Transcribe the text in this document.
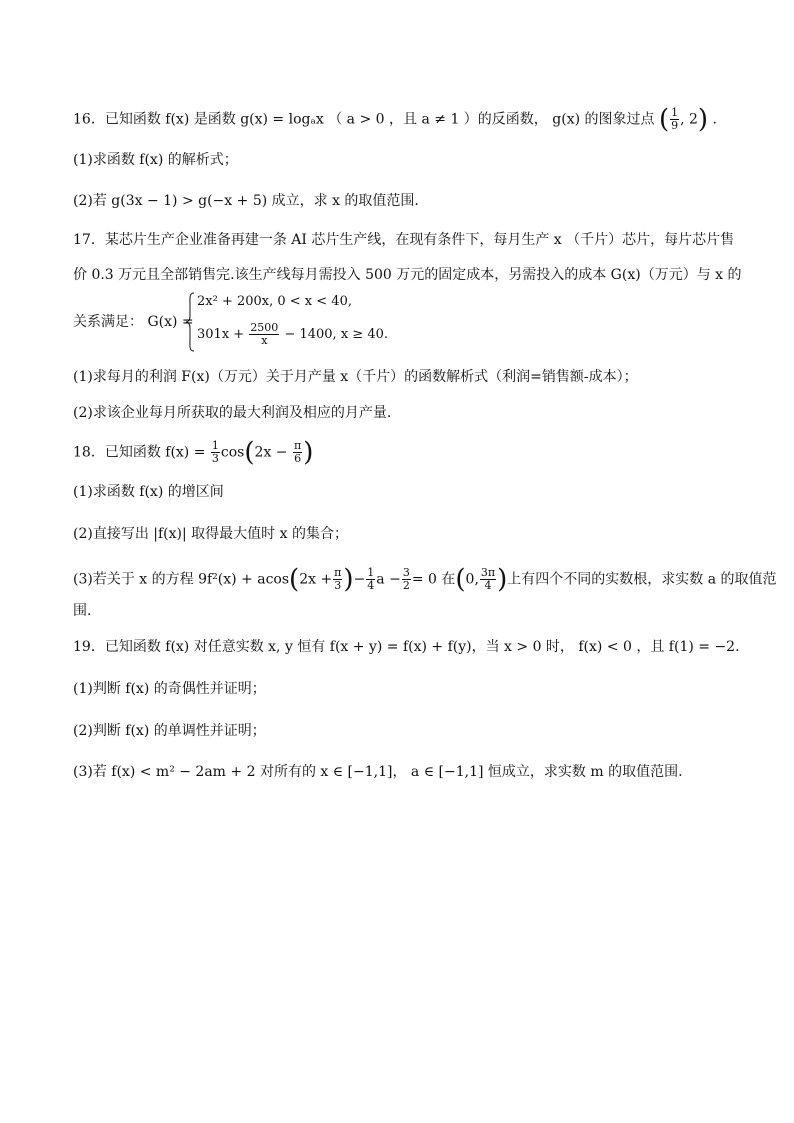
16．已知函数 f(x) 是函数 g(x) = logₐx （ a > 0 ，且 a ≠ 1 ）的反函数， g(x) 的图象过点 ( $\frac{1}{9}$ , 2) .
(1)求函数 f(x) 的解析式；
(2)若 g(3x − 1) > g(−x + 5) 成立，求 x 的取值范围.
17．某芯片生产企业准备再建一条 AI 芯片生产线，在现有条件下，每月生产 x （千片）芯片，每片芯片售
价 0.3 万元且全部销售完.该生产线每月需投入 500 万元的固定成本，另需投入的成本 G(x)（万元）与 x 的
关系满足： G(x) =
2x² + 200x, 0 < x < 40,
$301x + \frac{2500}{x} - 1400$, x ≥ 40.
(1)求每月的利润 F(x)（万元）关于月产量 x（千片）的函数解析式（利润=销售额-成本）；
(2)求该企业每月所获取的最大利润及相应的月产量.
18．已知函数 $f(x) = \frac{1}{3} \cos(2x - \frac{\pi}{6}$ )
(1)求函数 f(x) 的增区间
(2)直接写出 |f(x)| 取得最大值时 x 的集合；
(3)若关于 x 的方程 $9f^2(x) + acos(2x + \frac{\pi}{3}$ )− $\frac{1}{4}$ $a - \frac{3}{2} = 0$ 在(0, $\frac{3\pi}{4}$ )上有四个不同的实数根，求实数 a 的取值范
围.
19．已知函数 f(x) 对任意实数 x, y 恒有 f(x + y) = f(x) + f(y)，当 x > 0 时， f(x) < 0 ，且 f(1) = −2.
(1)判断 f(x) 的奇偶性并证明；
(2)判断 f(x) 的单调性并证明；
(3)若 f(x) < m² − 2am + 2 对所有的 x ∈ [−1,1]， a ∈ [−1,1] 恒成立，求实数 m 的取值范围.
